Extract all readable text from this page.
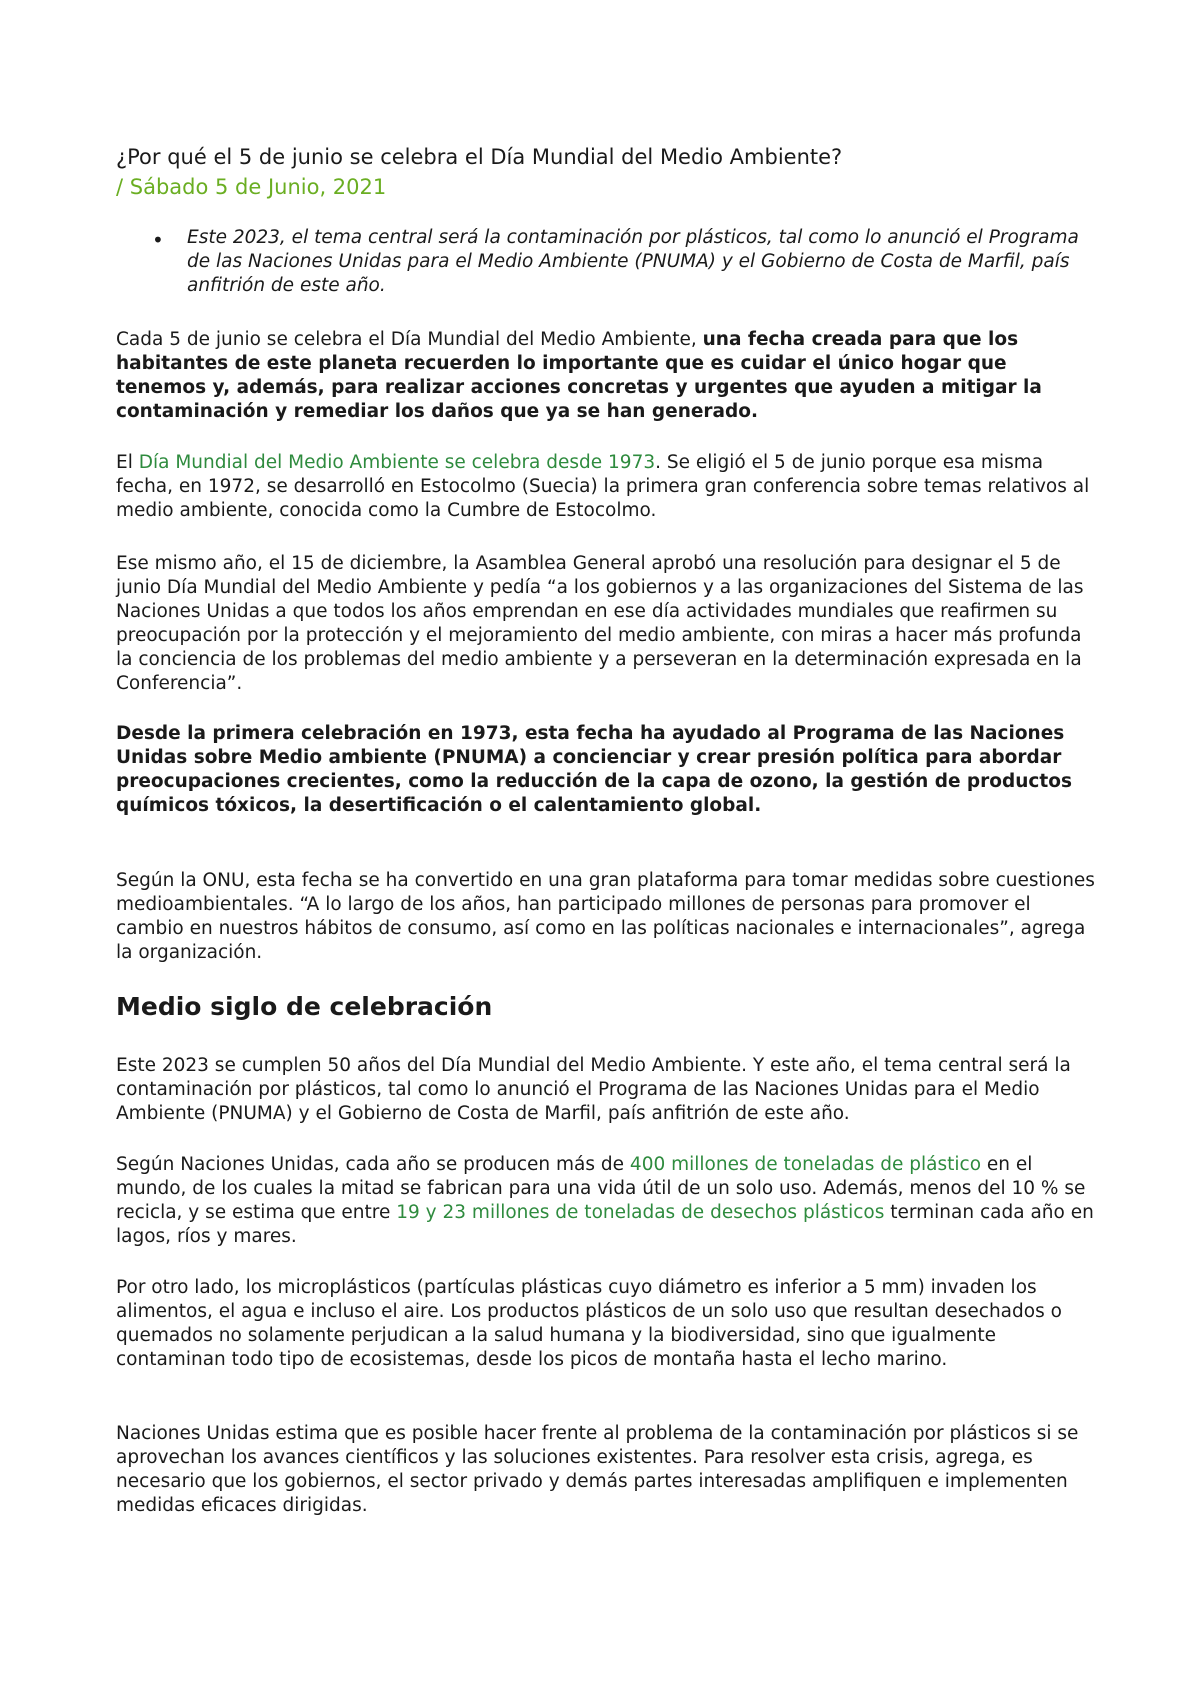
¿Por qué el 5 de junio se celebra el Día Mundial del Medio Ambiente?
/ Sábado 5 de Junio, 2021
• Este 2023, el tema central será la contaminación por plásticos, tal como lo anunció el Programa de las Naciones Unidas para el Medio Ambiente (PNUMA) y el Gobierno de Costa de Marfil, país anfitrión de este año.
Cada 5 de junio se celebra el Día Mundial del Medio Ambiente, una fecha creada para que los habitantes de este planeta recuerden lo importante que es cuidar el único hogar que tenemos y, además, para realizar acciones concretas y urgentes que ayuden a mitigar la contaminación y remediar los daños que ya se han generado.
El Día Mundial del Medio Ambiente se celebra desde 1973. Se eligió el 5 de junio porque esa misma fecha, en 1972, se desarrolló en Estocolmo (Suecia) la primera gran conferencia sobre temas relativos al medio ambiente, conocida como la Cumbre de Estocolmo.
Ese mismo año, el 15 de diciembre, la Asamblea General aprobó una resolución para designar el 5 de junio Día Mundial del Medio Ambiente y pedía “a los gobiernos y a las organizaciones del Sistema de las Naciones Unidas a que todos los años emprendan en ese día actividades mundiales que reafirmen su preocupación por la protección y el mejoramiento del medio ambiente, con miras a hacer más profunda la conciencia de los problemas del medio ambiente y a perseveran en la determinación expresada en la Conferencia”.
Desde la primera celebración en 1973, esta fecha ha ayudado al Programa de las Naciones Unidas sobre Medio ambiente (PNUMA) a concienciar y crear presión política para abordar preocupaciones crecientes, como la reducción de la capa de ozono, la gestión de productos químicos tóxicos, la desertificación o el calentamiento global.
Según la ONU, esta fecha se ha convertido en una gran plataforma para tomar medidas sobre cuestiones medioambientales. “A lo largo de los años, han participado millones de personas para promover el cambio en nuestros hábitos de consumo, así como en las políticas nacionales e internacionales”, agrega la organización.
Medio siglo de celebración
Este 2023 se cumplen 50 años del Día Mundial del Medio Ambiente. Y este año, el tema central será la contaminación por plásticos, tal como lo anunció el Programa de las Naciones Unidas para el Medio Ambiente (PNUMA) y el Gobierno de Costa de Marfil, país anfitrión de este año.
Según Naciones Unidas, cada año se producen más de 400 millones de toneladas de plástico en el mundo, de los cuales la mitad se fabrican para una vida útil de un solo uso. Además, menos del 10 % se recicla, y se estima que entre 19 y 23 millones de toneladas de desechos plásticos terminan cada año en lagos, ríos y mares.
Por otro lado, los microplásticos (partículas plásticas cuyo diámetro es inferior a 5 mm) invaden los alimentos, el agua e incluso el aire. Los productos plásticos de un solo uso que resultan desechados o quemados no solamente perjudican a la salud humana y la biodiversidad, sino que igualmente contaminan todo tipo de ecosistemas, desde los picos de montaña hasta el lecho marino.
Naciones Unidas estima que es posible hacer frente al problema de la contaminación por plásticos si se aprovechan los avances científicos y las soluciones existentes. Para resolver esta crisis, agrega, es necesario que los gobiernos, el sector privado y demás partes interesadas amplifiquen e implementen medidas eficaces dirigidas.
